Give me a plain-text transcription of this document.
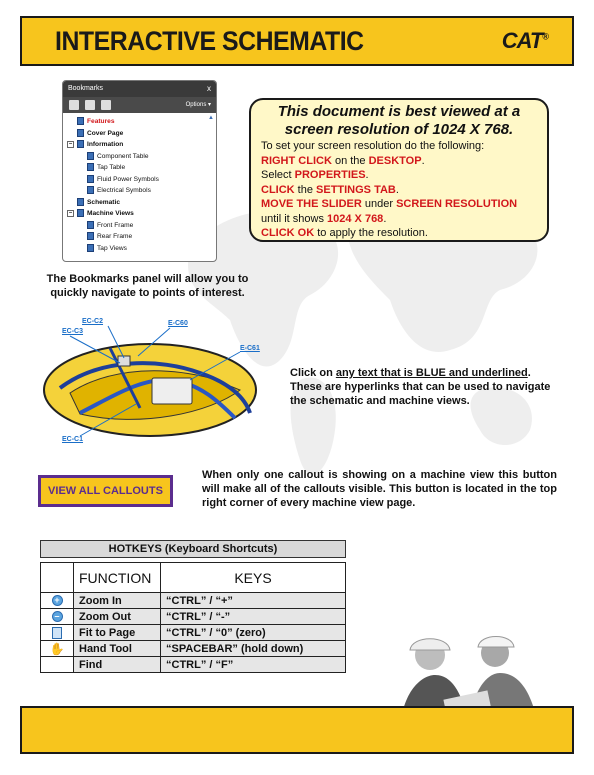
INTERACTIVE SCHEMATIC	CAT®
Bookmarks	x
Options ▾
Features
Cover Page
– Information
Component Table
Tap Table
Fluid Power Symbols
Electrical Symbols
Schematic
– Machine Views
Front Frame
Rear Frame
Tap Views
▲
The Bookmarks panel will allow you to quickly navigate to points of interest.
This document is best viewed at a screen resolution of 1024 X 768.
To set your screen resolution do the following:
RIGHT CLICK on the DESKTOP.
Select PROPERTIES.
CLICK the SETTINGS TAB.
MOVE THE SLIDER under SCREEN RESOLUTION
until it shows 1024 X 768.
CLICK OK to apply the resolution.
EC-C2
EC-C3
E-C60
E-C61
EC-C1
Click on any text that is BLUE and underlined. These are hyperlinks that can be used to navigate the schematic and machine views.
VIEW ALL CALLOUTS
When only one callout is showing on a machine view this button will make all of the callouts visible. This button is located in the top right corner of every machine view page.
HOTKEYS (Keyboard Shortcuts)
	FUNCTION	KEYS
+	Zoom In	“CTRL” / “+”
–	Zoom Out	“CTRL” / “-”
	Fit to Page	“CTRL” / “0” (zero)
✋	Hand Tool	“SPACEBAR” (hold down)
	Find	“CTRL” / “F”
